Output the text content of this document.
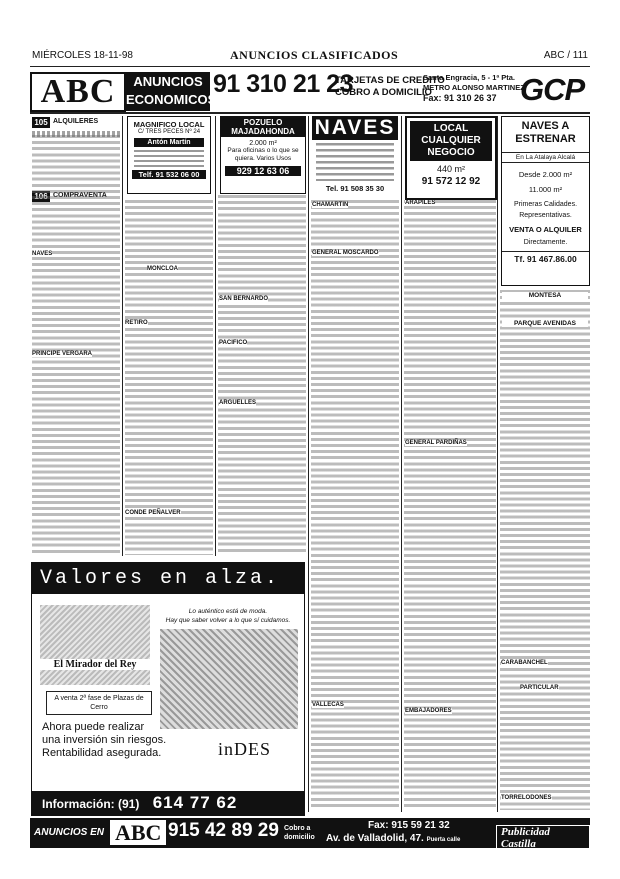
MIÉRCOLES 18-11-98	ANUNCIOS CLASIFICADOS	ABC / 111
ABC	ANUNCIOS
ECONOMICOS
91 310 21 23
TARJETAS DE CREDITO
COBRO A DOMICILIO
Santa Engracia, 5 - 1ª Pta.
METRO ALONSO MARTINEZ
Fax: 91 310 26 37 GCP
105 ALQUILERES
106 COMPRAVENTA
MAGNIFICO LOCAL
C/ TRES PECES Nº 24
Antón Martín
Telf. 91 532 06 00
POZUELO
MAJADAHONDA
2.000 m²
Para oficinas o lo que se quiera. Varios Usos
929 12 63 06
NAVES
Tel. 91 508 35 30
LOCAL
CUALQUIER
NEGOCIO
440 m²
91 572 12 92
NAVES A
ESTRENAR
En La Atalaya Alcalá
Desde 2.000 m²
11.000 m²
Primeras Calidades.
Representativas.
VENTA O ALQUILER
Directamente.
Tf. 91 467.86.00
MONTESA
PARQUE AVENIDAS
Valores en alza.
El Mirador del Rey
Lo auténtico está de moda.
Hay que saber volver a lo que sí cuidamos.
A venta 2ª fase de Plazas de Cerro
Ahora puede realizar
una inversión sin riesgos.
Rentabilidad asegurada.	inDES
Información: (91) 614 77 62
ANUNCIOS EN ABC 915 42 89 29 Cobro a
domicilio
Fax: 915 59 21 32
Av. de Valladolid, 47. Puerta calle
Publicidad Castilla
PRINCIPE VERGARA
NAVES
MONCLOA
SAN BERNARDO
GENERAL MOSCARDO
ARAPILES
CHAMARTIN
CONDE PEÑALVER
VALLECAS
ARGUELLES
RETIRO
GENERAL PARDIÑAS
PACIFICO
CARABANCHEL
TORRELODONES
PARTICULAR
EMBAJADORES
